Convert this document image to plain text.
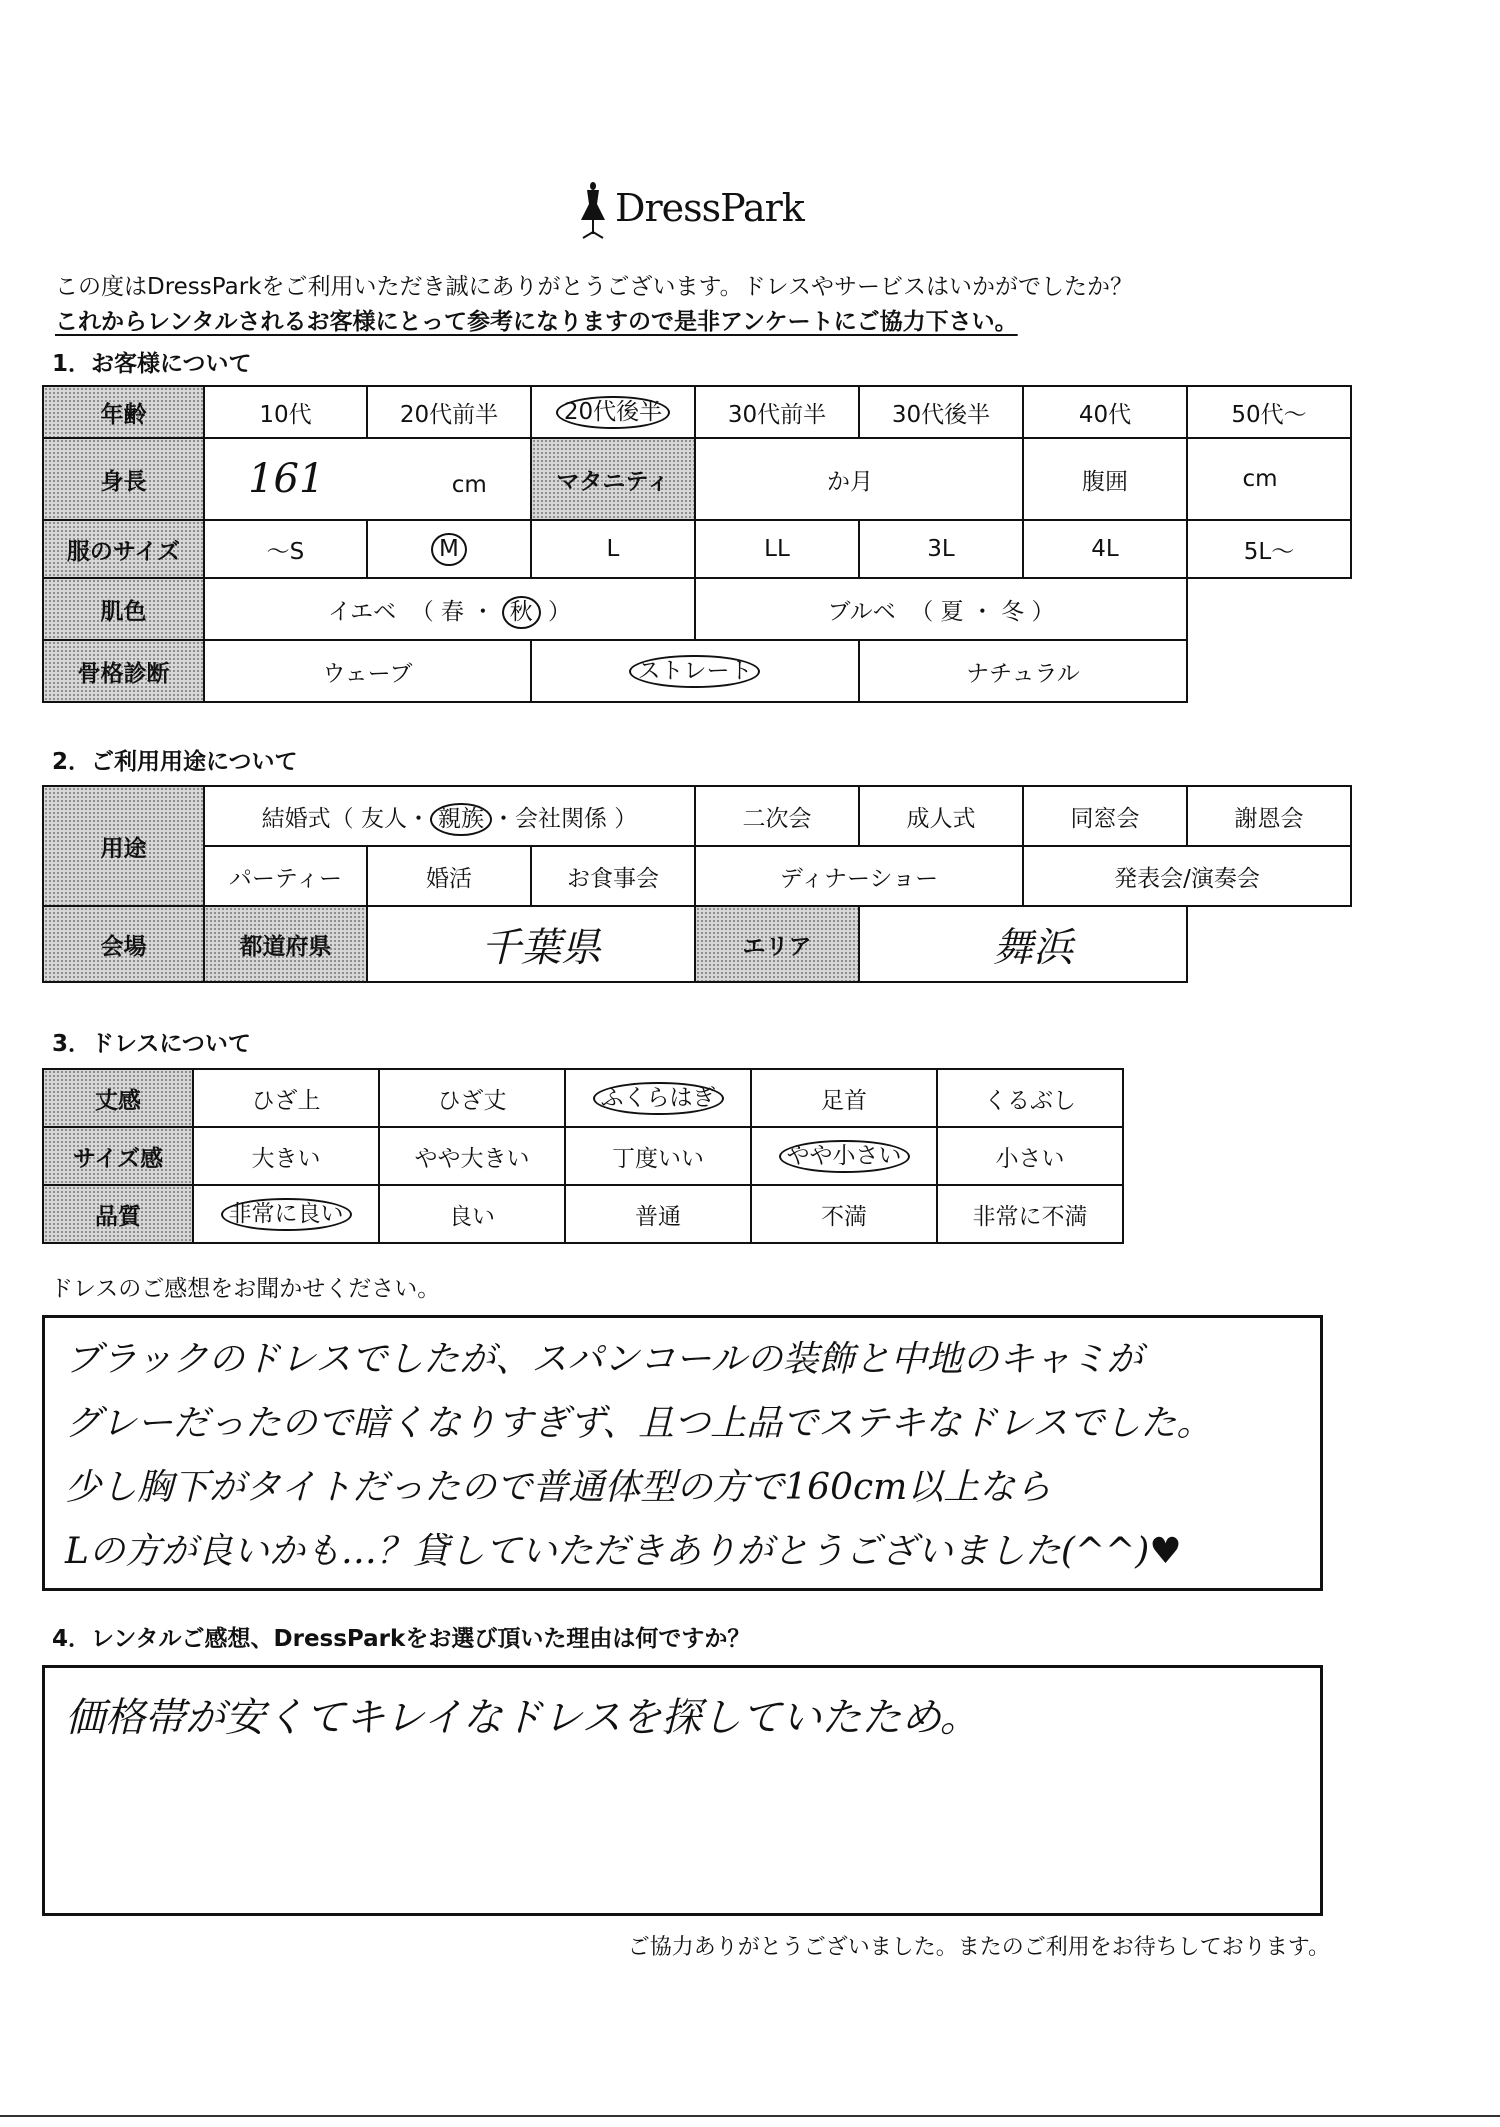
DressPark
この度はDressParkをご利用いただき誠にありがとうございます。ドレスやサービスはいかがでしたか？
これからレンタルされるお客様にとって参考になりますので是非アンケートにご協力下さい。
1．お客様について
年齢	10代	20代前半	20代後半	30代前半	30代後半	40代	50代～
身長	161 cm		マタニティ	か月		腹囲	cm
服のサイズ	～S	M	L	LL	3L	4L	5L～
肌色	イエベ  （ 春 ・ 秋 ）			ブルベ  （ 夏 ・ 冬 ）			
骨格診断	ウェーブ		ストレート		ナチュラル		
2．ご利用用途について
用途	結婚式（ 友人・ 親族 ・会社関係 ）			二次会	成人式	同窓会	謝恩会
	パーティー	婚活	お食事会	ディナーショー		発表会/演奏会	
会場	都道府県	千葉県		エリア	舞浜		
3．ドレスについて
丈感	ひざ上	ひざ丈	ふくらはぎ	足首	くるぶし
サイズ感	大きい	やや大きい	丁度いい	やや小さい	小さい
品質	非常に良い	良い	普通	不満	非常に不満
ドレスのご感想をお聞かせください。
ブラックのドレスでしたが、スパンコールの装飾と中地のキャミが
グレーだったので暗くなりすぎず、且つ上品でステキなドレスでした。
少し胸下がタイトだったので普通体型の方で160cm以上なら
Lの方が良いかも…？貸していただきありがとうございました(^^)♥
4．レンタルご感想、DressParkをお選び頂いた理由は何ですか？
価格帯が安くてキレイなドレスを探していたため。
ご協力ありがとうございました。またのご利用をお待ちしております。
